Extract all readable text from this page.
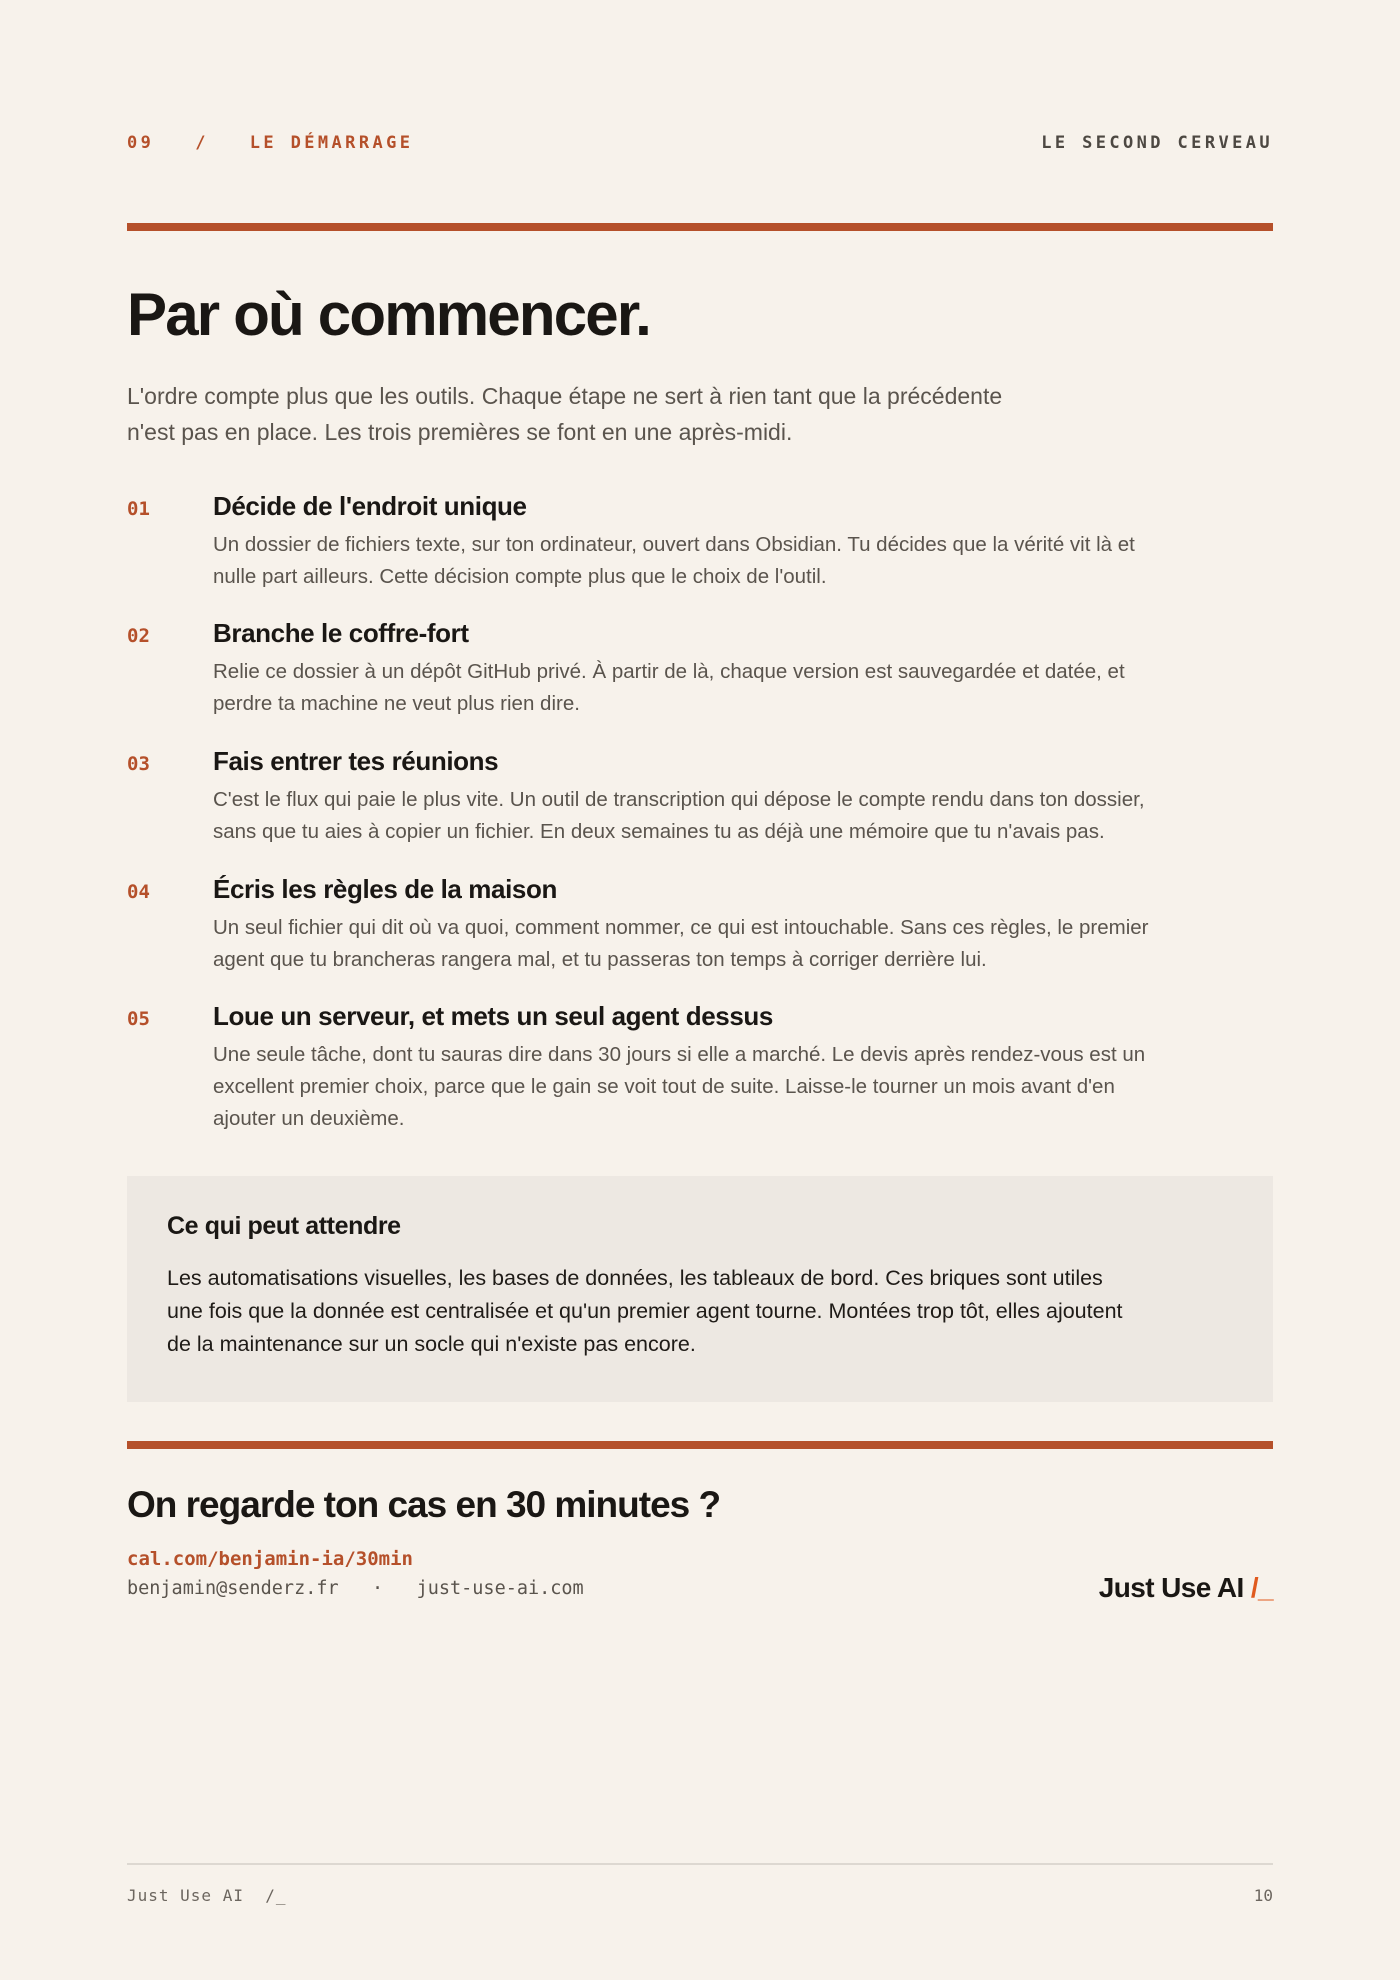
09 / LE DÉMARRAGE	LE SECOND CERVEAU
Par où commencer.

L'ordre compte plus que les outils. Chaque étape ne sert à rien tant que la précédente
n'est pas en place. Les trois premières se font en une après-midi.

01 Décide de l'endroit unique
Un dossier de fichiers texte, sur ton ordinateur, ouvert dans Obsidian. Tu décides que la vérité vit là et
nulle part ailleurs. Cette décision compte plus que le choix de l'outil.
02 Branche le coffre-fort
Relie ce dossier à un dépôt GitHub privé. À partir de là, chaque version est sauvegardée et datée, et
perdre ta machine ne veut plus rien dire.
03 Fais entrer tes réunions
C'est le flux qui paie le plus vite. Un outil de transcription qui dépose le compte rendu dans ton dossier,
sans que tu aies à copier un fichier. En deux semaines tu as déjà une mémoire que tu n'avais pas.
04 Écris les règles de la maison
Un seul fichier qui dit où va quoi, comment nommer, ce qui est intouchable. Sans ces règles, le premier
agent que tu brancheras rangera mal, et tu passeras ton temps à corriger derrière lui.
05 Loue un serveur, et mets un seul agent dessus
Une seule tâche, dont tu sauras dire dans 30 jours si elle a marché. Le devis après rendez-vous est un
excellent premier choix, parce que le gain se voit tout de suite. Laisse-le tourner un mois avant d'en
ajouter un deuxième.
Ce qui peut attendre
Les automatisations visuelles, les bases de données, les tableaux de bord. Ces briques sont utiles
une fois que la donnée est centralisée et qu'un premier agent tourne. Montées trop tôt, elles ajoutent
de la maintenance sur un socle qui n'existe pas encore.
On regarde ton cas en 30 minutes ?
cal.com/benjamin-ia/30min
benjamin@senderz.fr · just-use-ai.com	Just Use AI /_
Just Use AI /_	10
